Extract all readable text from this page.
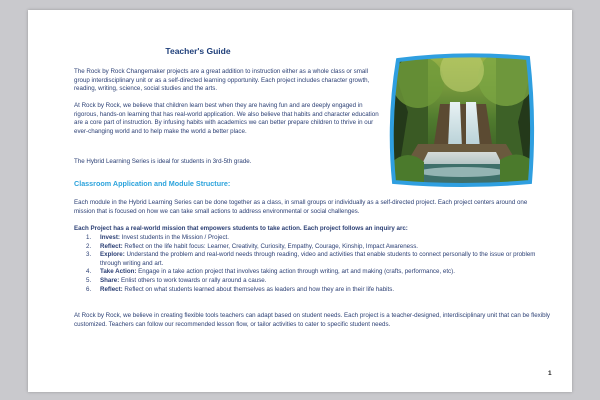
Teacher's Guide

The Rock by Rock Changemaker projects are a great addition to instruction either as a whole class or small group interdisciplinary unit or as a self-directed learning opportunity. Each project includes character growth, reading, writing, science, social studies and the arts.

At Rock by Rock, we believe that children learn best when they are having fun and are deeply engaged in rigorous, hands-on learning that has real-world application. We also believe that habits and character education are a core part of instruction. By infusing habits with academics we can better prepare children to thrive in our ever-changing world and to help make the world a better place.

The Hybrid Learning Series is ideal for students in 3rd-5th grade.

Classroom Application and Module Structure:

Each module in the Hybrid Learning Series can be done together as a class, in small groups or individually as a self-directed project. Each project centers around one mission that is focused on how we can take small actions to address environmental or social challenges.

Each Project has a real-world mission that empowers students to take action. Each project follows an inquiry arc:

1. Invest: Invest students in the Mission / Project.
2. Reflect: Reflect on the life habit focus: Learner, Creativity, Curiosity, Empathy, Courage, Kinship, Impact Awareness.
3. Explore: Understand the problem and real-world needs through reading, video and activities that enable students to connect personally to the issue or problem through writing and art.
4. Take Action: Engage in a take action project that involves taking action through writing, art and making (crafts, performance, etc).
5. Share: Enlist others to work towards or rally around a cause.
6. Reflect: Reflect on what students learned about themselves as leaders and how they are in their life habits.

At Rock by Rock, we believe in creating flexible tools teachers can adapt based on student needs. Each project is a teacher-designed, interdisciplinary unit that can be flexibly customized. Teachers can follow our recommended lesson flow, or tailor activities to cater to specific student needs.

1
